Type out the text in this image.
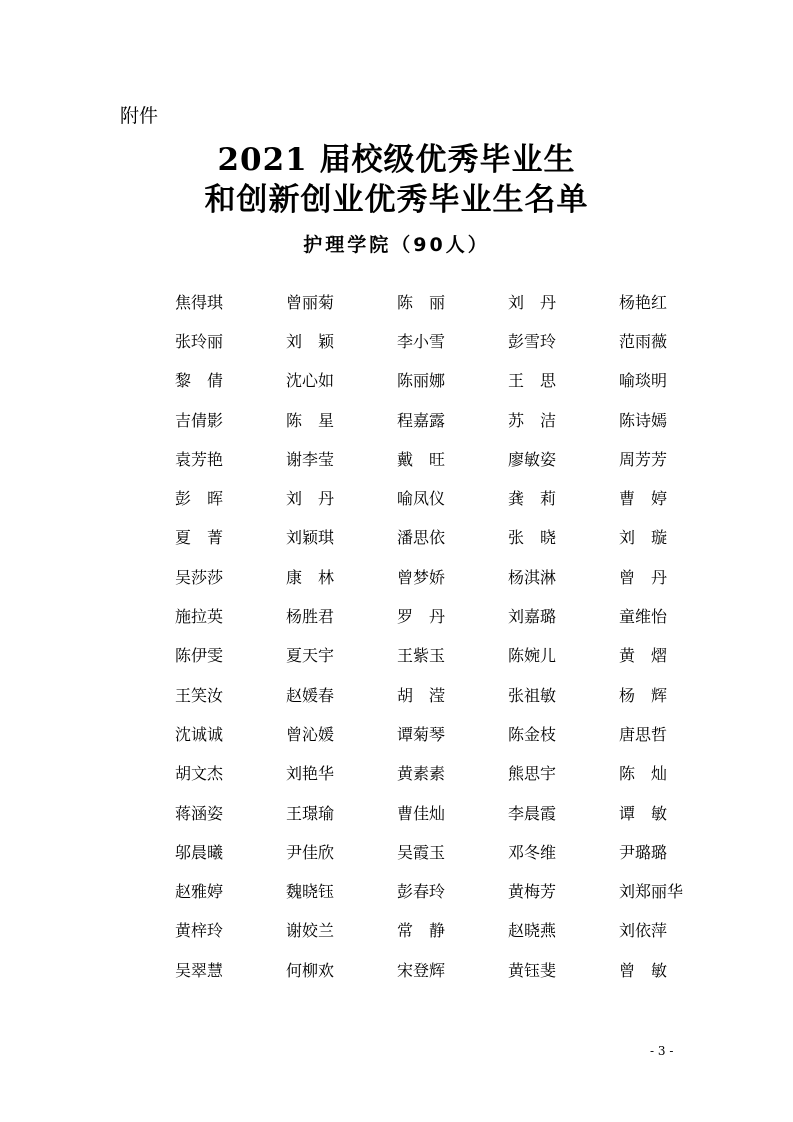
附件
2021 届校级优秀毕业生
和创新创业优秀毕业生名单
护理学院（90人）
焦得琪	曾丽菊	陈　丽	刘　丹	杨艳红
张玲丽	刘　颖	李小雪	彭雪玲	范雨薇
黎　倩	沈心如	陈丽娜	王　思	喻琰明
吉倩影	陈　星	程嘉露	苏　洁	陈诗嫣
袁芳艳	谢李莹	戴　旺	廖敏姿	周芳芳
彭　晖	刘　丹	喻凤仪	龚　莉	曹　婷
夏　菁	刘颖琪	潘思依	张　晓	刘　璇
吴莎莎	康　林	曾梦娇	杨淇淋	曾　丹
施拉英	杨胜君	罗　丹	刘嘉璐	童维怡
陈伊雯	夏天宇	王紫玉	陈婉儿	黄　熠
王笑汝	赵媛春	胡　滢	张祖敏	杨　辉
沈诚诚	曾沁媛	谭菊琴	陈金枝	唐思哲
胡文杰	刘艳华	黄素素	熊思宇	陈　灿
蒋涵姿	王璟瑜	曹佳灿	李晨霞	谭　敏
邬晨曦	尹佳欣	吴霞玉	邓冬维	尹璐璐
赵雅婷	魏晓钰	彭春玲	黄梅芳	刘郑丽华
黄梓玲	谢姣兰	常　静	赵晓燕	刘依萍
吴翠慧	何柳欢	宋登辉	黄钰斐	曾　敏
- 3 -
